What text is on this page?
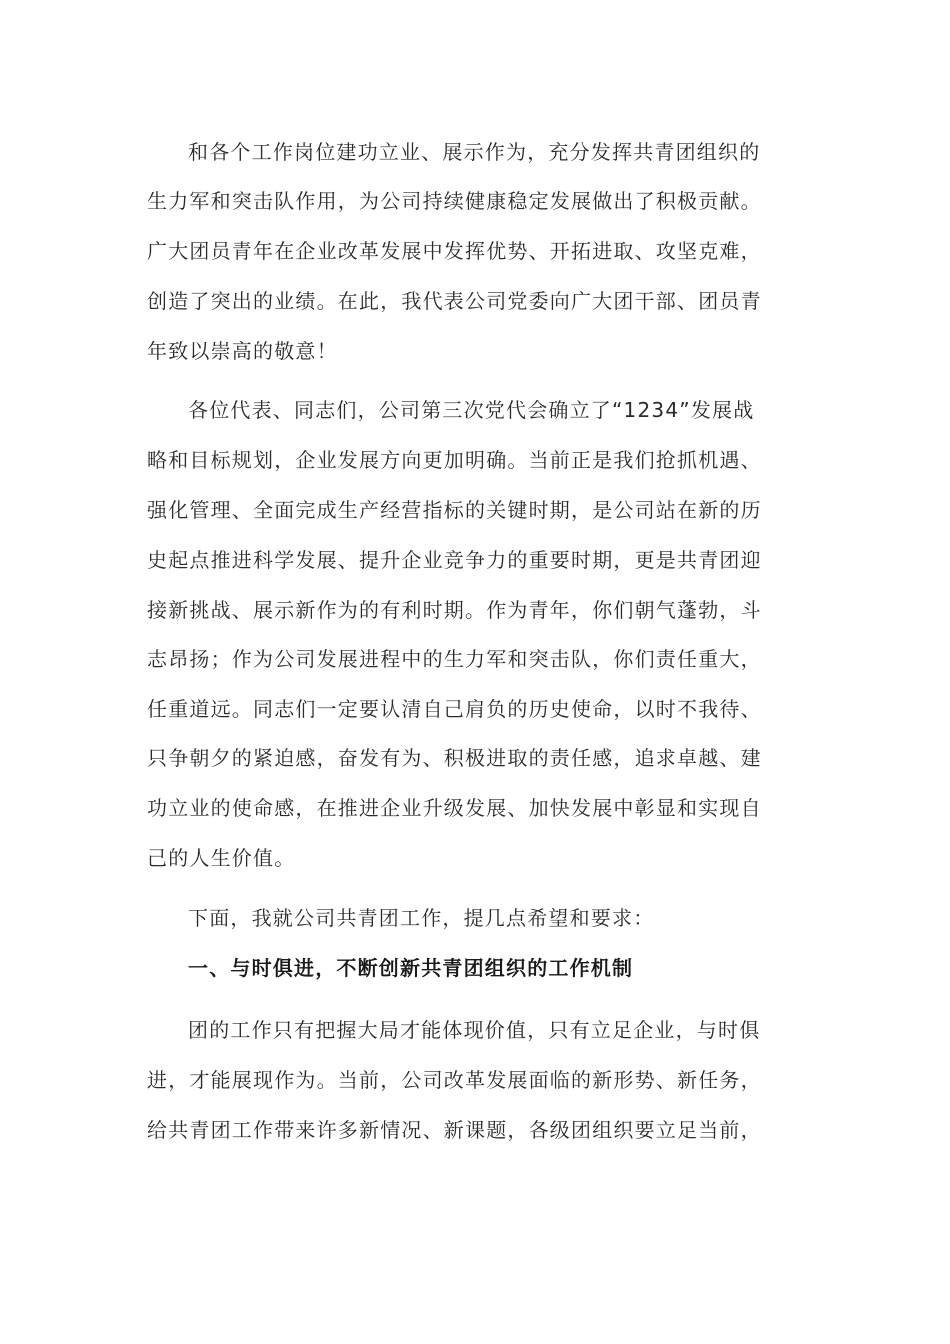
和各个工作岗位建功立业、展示作为，充分发挥共青团组织的
生力军和突击队作用，为公司持续健康稳定发展做出了积极贡献。
广大团员青年在企业改革发展中发挥优势、开拓进取、攻坚克难，
创造了突出的业绩。在此，我代表公司党委向广大团干部、团员青
年致以崇高的敬意！
各位代表、同志们，公司第三次党代会确立了“1234”发展战
略和目标规划，企业发展方向更加明确。当前正是我们抢抓机遇、
强化管理、全面完成生产经营指标的关键时期，是公司站在新的历
史起点推进科学发展、提升企业竞争力的重要时期，更是共青团迎
接新挑战、展示新作为的有利时期。作为青年，你们朝气蓬勃，斗
志昂扬；作为公司发展进程中的生力军和突击队，你们责任重大，
任重道远。同志们一定要认清自己肩负的历史使命，以时不我待、
只争朝夕的紧迫感，奋发有为、积极进取的责任感，追求卓越、建
功立业的使命感，在推进企业升级发展、加快发展中彰显和实现自
己的人生价值。
下面，我就公司共青团工作，提几点希望和要求：
一、与时俱进，不断创新共青团组织的工作机制
团的工作只有把握大局才能体现价值，只有立足企业，与时俱
进，才能展现作为。当前，公司改革发展面临的新形势、新任务，
给共青团工作带来许多新情况、新课题，各级团组织要立足当前，
